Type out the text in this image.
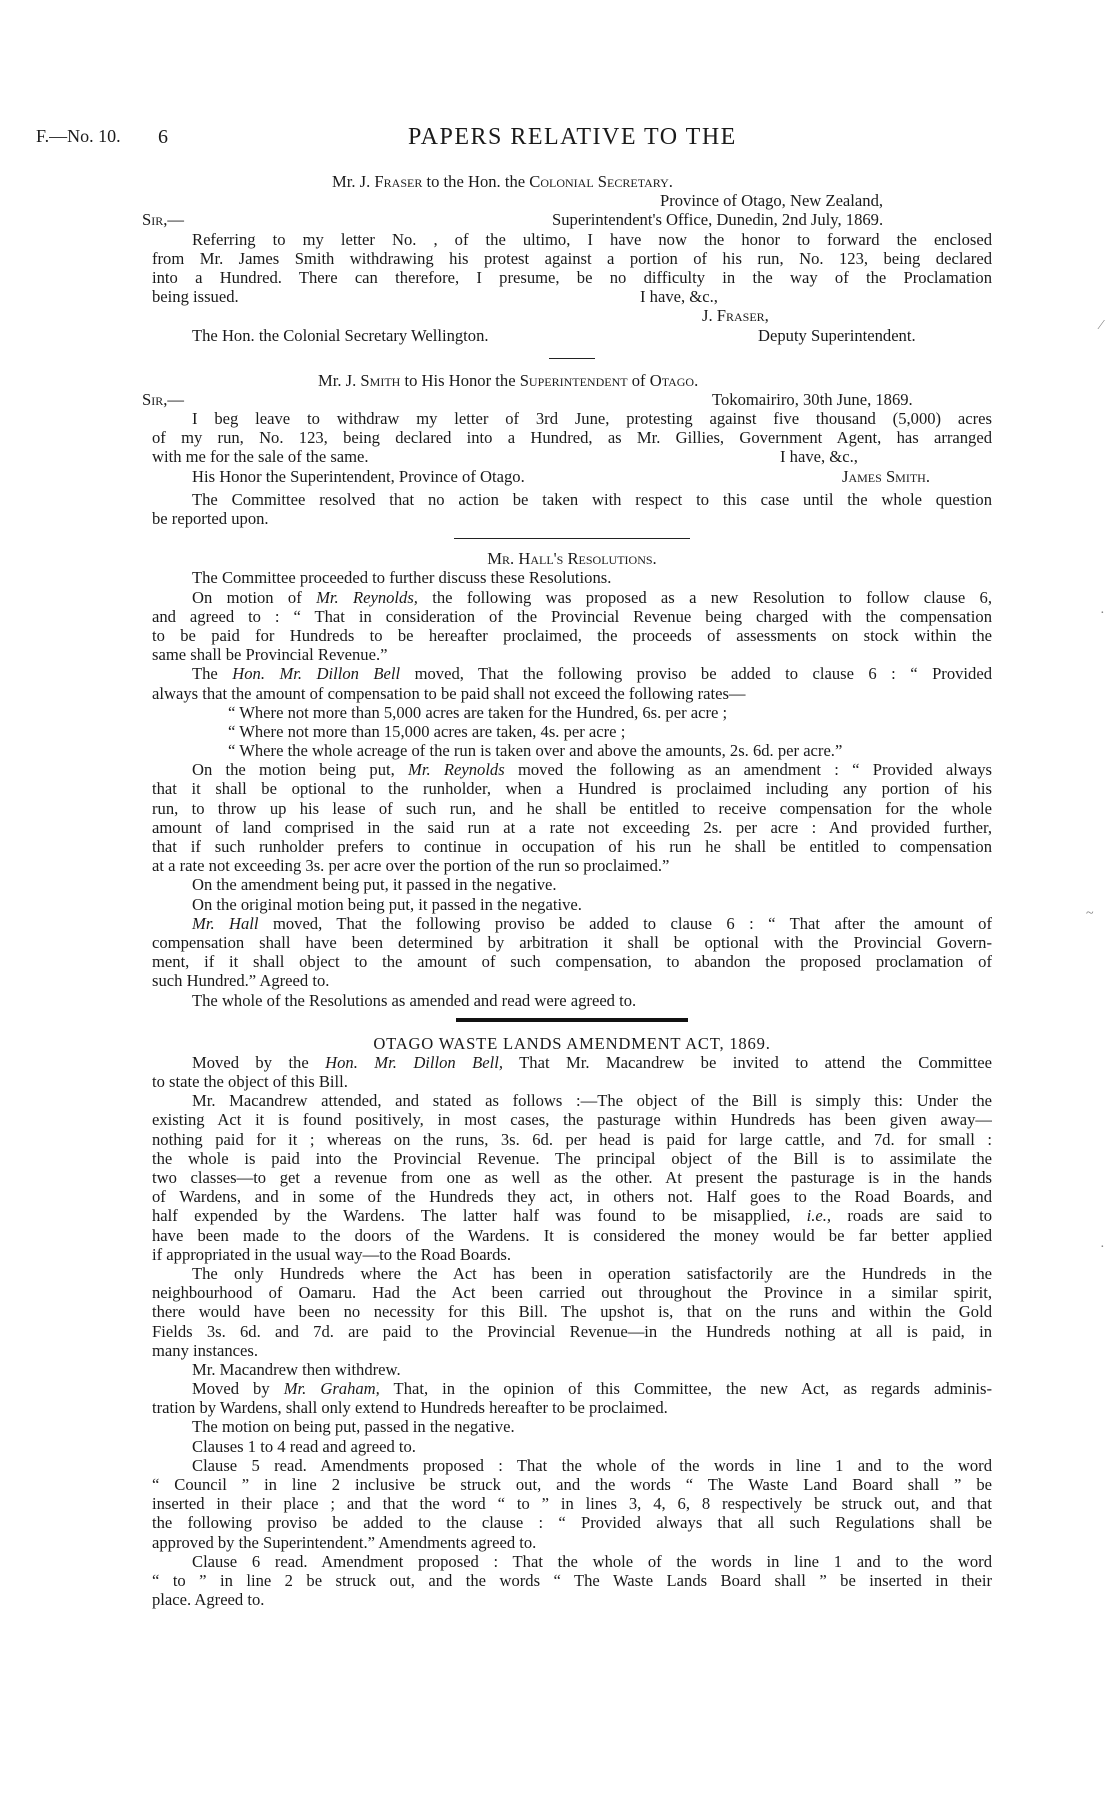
F.—No. 10. 6	PAPERS RELATIVE TO THE
Mr. J. Fraser to the Hon. the Colonial Secretary.
Province of Otago, New Zealand,
Sir,—	Superintendent's Office, Dunedin, 2nd July, 1869.
Referring to my letter No. , of the ultimo, I have now the honor to forward the enclosed
from Mr. James Smith withdrawing his protest against a portion of his run, No. 123, being declared
into a Hundred. There can therefore, I presume, be no difficulty in the way of the Proclamation
being issued.	I have, &c.,
J. Fraser,
The Hon. the Colonial Secretary Wellington.	Deputy Superintendent.
Mr. J. Smith to His Honor the Superintendent of Otago.
Sir,—	Tokomairiro, 30th June, 1869.
I beg leave to withdraw my letter of 3rd June, protesting against five thousand (5,000) acres
of my run, No. 123, being declared into a Hundred, as Mr. Gillies, Government Agent, has arranged
with me for the sale of the same.	I have, &c.,
His Honor the Superintendent, Province of Otago.	James Smith.
The Committee resolved that no action be taken with respect to this case until the whole question
be reported upon.
Mr. Hall's Resolutions.
The Committee proceeded to further discuss these Resolutions.
On motion of Mr. Reynolds, the following was proposed as a new Resolution to follow clause 6,
and agreed to : “ That in consideration of the Provincial Revenue being charged with the compensation
to be paid for Hundreds to be hereafter proclaimed, the proceeds of assessments on stock within the
same shall be Provincial Revenue.”
The Hon. Mr. Dillon Bell moved, That the following proviso be added to clause 6 : “ Provided
always that the amount of compensation to be paid shall not exceed the following rates—
“ Where not more than 5,000 acres are taken for the Hundred, 6s. per acre ;
“ Where not more than 15,000 acres are taken, 4s. per acre ;
“ Where the whole acreage of the run is taken over and above the amounts, 2s. 6d. per acre.”
On the motion being put, Mr. Reynolds moved the following as an amendment : “ Provided always
that it shall be optional to the runholder, when a Hundred is proclaimed including any portion of his
run, to throw up his lease of such run, and he shall be entitled to receive compensation for the whole
amount of land comprised in the said run at a rate not exceeding 2s. per acre : And provided further,
that if such runholder prefers to continue in occupation of his run he shall be entitled to compensation
at a rate not exceeding 3s. per acre over the portion of the run so proclaimed.”
On the amendment being put, it passed in the negative.
On the original motion being put, it passed in the negative.
Mr. Hall moved, That the following proviso be added to clause 6 : “ That after the amount of
compensation shall have been determined by arbitration it shall be optional with the Provincial Govern-
ment, if it shall object to the amount of such compensation, to abandon the proposed proclamation of
such Hundred.” Agreed to.
The whole of the Resolutions as amended and read were agreed to.
OTAGO WASTE LANDS AMENDMENT ACT, 1869.
Moved by the Hon. Mr. Dillon Bell, That Mr. Macandrew be invited to attend the Committee
to state the object of this Bill.
Mr. Macandrew attended, and stated as follows :—The object of the Bill is simply this: Under the
existing Act it is found positively, in most cases, the pasturage within Hundreds has been given away—
nothing paid for it ; whereas on the runs, 3s. 6d. per head is paid for large cattle, and 7d. for small :
the whole is paid into the Provincial Revenue. The principal object of the Bill is to assimilate the
two classes—to get a revenue from one as well as the other. At present the pasturage is in the hands
of Wardens, and in some of the Hundreds they act, in others not. Half goes to the Road Boards, and
half expended by the Wardens. The latter half was found to be misapplied, i.e., roads are said to
have been made to the doors of the Wardens. It is considered the money would be far better applied
if appropriated in the usual way—to the Road Boards.
The only Hundreds where the Act has been in operation satisfactorily are the Hundreds in the
neighbourhood of Oamaru. Had the Act been carried out throughout the Province in a similar spirit,
there would have been no necessity for this Bill. The upshot is, that on the runs and within the Gold
Fields 3s. 6d. and 7d. are paid to the Provincial Revenue—in the Hundreds nothing at all is paid, in
many instances.
Mr. Macandrew then withdrew.
Moved by Mr. Graham, That, in the opinion of this Committee, the new Act, as regards adminis-
tration by Wardens, shall only extend to Hundreds hereafter to be proclaimed.
The motion on being put, passed in the negative.
Clauses 1 to 4 read and agreed to.
Clause 5 read. Amendments proposed : That the whole of the words in line 1 and to the word
“ Council ” in line 2 inclusive be struck out, and the words “ The Waste Land Board shall ” be
inserted in their place ; and that the word “ to ” in lines 3, 4, 6, 8 respectively be struck out, and that
the following proviso be added to the clause : “ Provided always that all such Regulations shall be
approved by the Superintendent.” Amendments agreed to.
Clause 6 read. Amendment proposed : That the whole of the words in line 1 and to the word
“ to ” in line 2 be struck out, and the words “ The Waste Lands Board shall ” be inserted in their
place. Agreed to.
⁄
·
~
·
